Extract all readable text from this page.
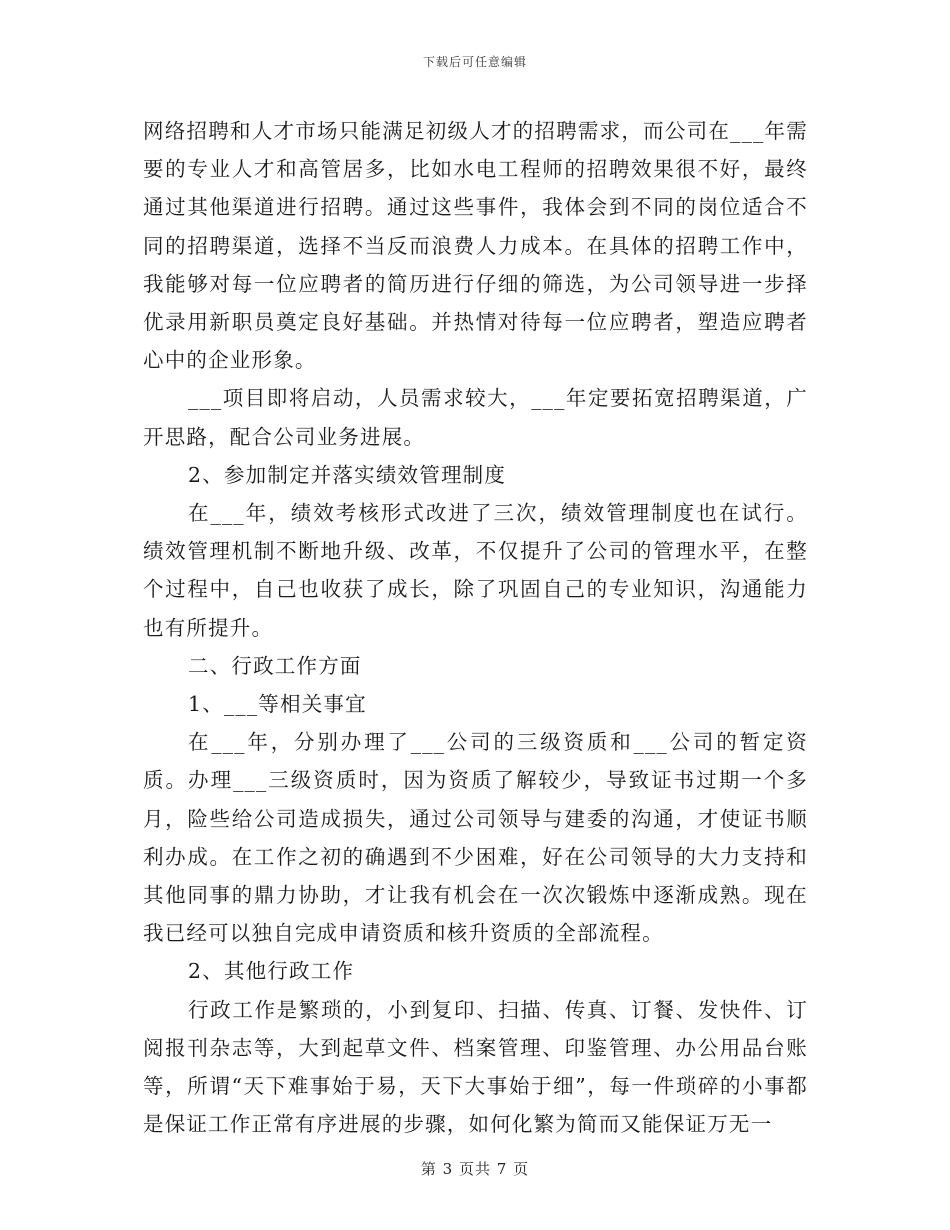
下载后可任意编辑

网络招聘和人才市场只能满足初级人才的招聘需求，而公司在___年需要的专业人才和高管居多，比如水电工程师的招聘效果很不好，最终通过其他渠道进行招聘。通过这些事件，我体会到不同的岗位适合不同的招聘渠道，选择不当反而浪费人力成本。在具体的招聘工作中，我能够对每一位应聘者的简历进行仔细的筛选，为公司领导进一步择优录用新职员奠定良好基础。并热情对待每一位应聘者，塑造应聘者心中的企业形象。

___项目即将启动，人员需求较大，___年定要拓宽招聘渠道，广开思路，配合公司业务进展。

2、参加制定并落实绩效管理制度

在___年，绩效考核形式改进了三次，绩效管理制度也在试行。绩效管理机制不断地升级、改革，不仅提升了公司的管理水平，在整个过程中，自己也收获了成长，除了巩固自己的专业知识，沟通能力也有所提升。

二、行政工作方面

1、___等相关事宜

在___年，分别办理了___公司的三级资质和___公司的暂定资质。办理___三级资质时，因为资质了解较少，导致证书过期一个多月，险些给公司造成损失，通过公司领导与建委的沟通，才使证书顺利办成。在工作之初的确遇到不少困难，好在公司领导的大力支持和其他同事的鼎力协助，才让我有机会在一次次锻炼中逐渐成熟。现在我已经可以独自完成申请资质和核升资质的全部流程。

2、其他行政工作

行政工作是繁琐的，小到复印、扫描、传真、订餐、发快件、订阅报刊杂志等，大到起草文件、档案管理、印鉴管理、办公用品台账等，所谓“天下难事始于易，天下大事始于细”，每一件琐碎的小事都是保证工作正常有序进展的步骤，如何化繁为简而又能保证万无一

第 3 页共 7 页
